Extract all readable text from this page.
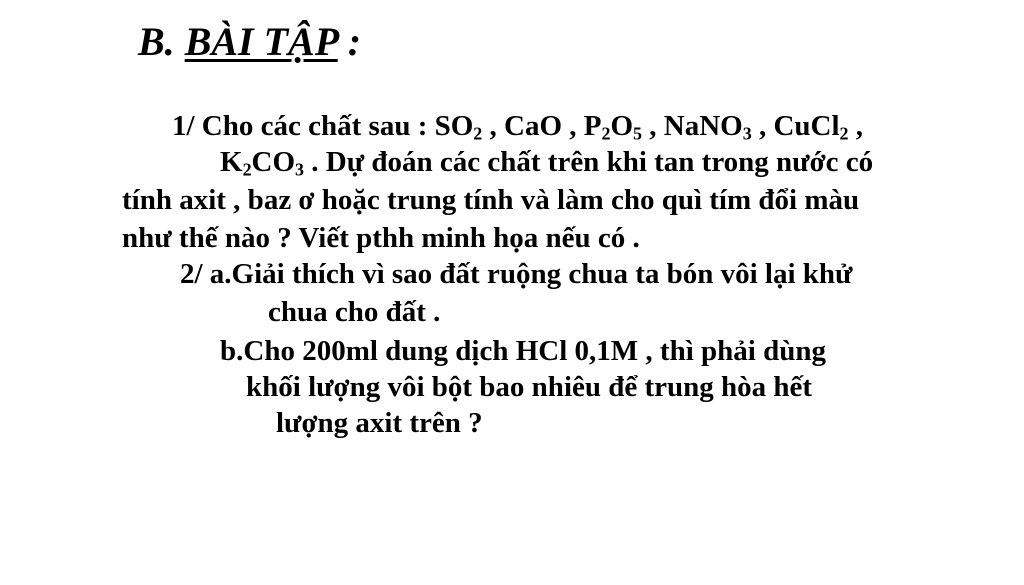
B. BÀI TẬP :
1/ Cho các chất sau : $SO_2$ , CaO , $P_2O_5$ , NaNO$_3$ , CuCl$_2$ ,
$K_2CO_3$ . Dự đoán các chất trên khi tan trong nước có
tính axit , baz ơ hoặc trung tính và làm cho quì tím đổi màu
như thế nào ? Viết pthh minh họa nếu có .
2/ a.Giải thích vì sao đất ruộng chua ta bón vôi lại khử
chua cho đất .
b.Cho 200ml dung dịch HCl 0,1M , thì phải dùng
khối lượng vôi bột bao nhiêu để trung hòa hết
lượng axit trên ?
